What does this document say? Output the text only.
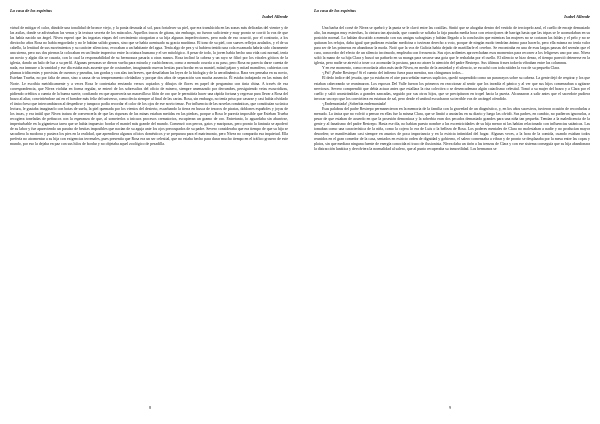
La casa de los espíritus
Isabel Allende

virtud de mitigar el calor, dándole una tonalidad de bronce viejo, y la ponía desnuda al sol, para fortalecer su piel, que era translúcida en las zonas más delicadas del vientre y de las axilas, donde se adivinaban las venas y la textura secreta de los músculos. Aquellos trucos de gitana, sin embargo, no fueron suficiente y muy pronto se corrió la voz de que las había nacido un ángel. Nívea esperó que las ingratas etapas del crecimiento otorgarían a su hija algunas imperfecciones, pero nada de eso ocurrió, por el contrario, a los dieciocho años Rosa no había engordado y no le habían salido granos, sino que se había acentuado su gracia marítima. El tono de su piel, con suaves reflejos azulados, y el de su cabello, la lentitud de sus movimientos y su carácter silencioso, evocaban a un habitante del agua. Tenía algo de pez y si hubiera tenido una cola escamada habría sido claramente una sirena, pero sus dos piernas la colocaban en un límite impreciso entre la criatura humana y el ser mitológico. A pesar de todo, la joven había hecho una vida casi normal, tenía un novio y algún día se casaría, con lo cual la responsabilidad de su hermosura pasaría a otras manos. Rosa inclinó la cabeza y un rayo se filtró por los vitrales góticos de la iglesia, dando un halo de luz a su perfil. Algunas personas se dieron vuelta para mirarla y cuchichearon, como a menudo ocurría a su paso, pero Rosa no parecía darse cuenta de nada, era inmune a la vanidad y ese día estaba más ausente que de costumbre, imaginando nuevas bestias para bordar en su mantel, mitad pájaro y mitad mamífero, cubiertas con plumas iridiscentes y provistas de cuernos y pezuñas, tan gordas y con alas tan breves, que desafiaban las leyes de la biología y de la aerodinámica. Rara vez pensaba en su novio, Esteban Trueba, no por falta de amor, sino a causa de su temperamento olvidadizo y porque dos años de separación son mucha ausencia. Él estaba trabajando en las minas del Norte. Le escribía metódicamente y a veces Rosa le contestaba enviando versos copiados y dibujos de flores en papel de pergamino con tinta china. A través de esa correspondencia, que Nívea violaba en forma regular, se enteró de los sobresaltos del oficio de minero, siempre amenazado por derrumbes, persiguiendo vetas escurridizas, pidiendo créditos a cuenta de la buena suerte, confiando en que aparecería un maravilloso filón de oro que le permitiría hacer una rápida fortuna y regresar para llevar a Rosa del brazo al altar, convirtiéndose así en el hombre más feliz del universo, como decía siempre al final de las cartas. Rosa, sin embargo, no tenía prisa por casarse y casi había olvidado el único beso que intercambiaron al despedirse y tampoco podía recordar el color de los ojos de ese novio tenaz. Por influencia de las novelas románticas, que constituían su única lectura, le gustaba imaginarlo con botas de suela, la piel quemada por los vientos del desierto, escarbando la tierra en busca de tesoros de piratas, doblones españoles y joyas de los incas, y era inútil que Nívea tratara de convencerla de que las riquezas de las minas estaban metidas en las piedras, porque a Rosa le parecía imposible que Esteban Trueba recogiera toneladas de peñascos con la esperanza de que, al someterlos a inicuos procesos crematorios, escupieran un gramo de oro. Entretanto, lo aguardaba sin aburrirse, imperturbable en la gigantesca tarea que se había impuesto: bordar el mantel más grande del mundo. Comenzó con perros, gatos y mariposas, pero pronto la fantasía se apoderó de su labor y fue apareciendo un paraíso de bestias imposibles que nacían de su aguja ante los ojos preocupados de su padre. Severo consideraba que era tiempo de que su hija se sacudiera la modorra y pusiera los pies en la realidad, que aprendiera algunos oficios domésticos y se preparara para el matrimonio, pero Nívea no compartía esa inquietud. Ella prefería no atormentar a su hija con exigencias terrenales, pues presentía que Rosa era un ser celestial, que no estaba hecho para durar mucho tiempo en el tráfico grosero de este mundo, por eso la dejaba en paz con sus hilos de bordar y no objetaba aquel zoológico de pesadilla.

8
La casa de los espíritus
Isabel Allende

Una barba del corsé de Nívea se quebró y la punta se le clavó entre las costillas. Sintió que se ahogaba dentro del vestido de terciopelo azul, el cuello de encaje demasiado alto, las mangas muy estrechas, la cintura tan ajustada, que cuando se soltaba la faja pasaba media hora con retorcijones de barriga hasta que las tripas se le acomodaban en su posición normal. Lo habían discutido a menudo con sus amigas sufragistas y habían llegado a la conclusión que mientras las mujeres no se cortaran las faldas y el pelo y no se quitaran los refajos, daba igual que pudieran estudiar medicina o tuvieran derecho a voto, porque de ningún modo tendrían ánimo para hacerlo, pero ella misma no tenía valor para ser de las primeras en abandonar la moda. Notó que la voz de Galicia había dejado de martillarle el cerebro. Se encontraba en una de esas largas pausas del sermón que el cura, conocedor del efecto de un silencio incómodo, empleaba con frecuencia. Sus ojos ardientes aprovechaban esos momentos para recorrer a los feligreses uno por uno. Nívea soltó la mano de su hija Clara y buscó un pañuelo en su manga para secarse una gota que le resbalaba por el cuello. El silencio se hizo denso, el tiempo pareció detenerse en la iglesia, pero nadie se atrevió a toser o a acomodar la postura, para no atraer la atención del padre Restrepo. Sus últimas frases todavía vibraban entre las columnas.

Y en ese momento, como recordaría años más tarde Nívea, en medio de la ansiedad y el silencio, se escuchó con toda nitidez la voz de su pequeña Clara.

-¡Pst! ¡Padre Restrepo! Si el cuento del infierno fuera pura mentira, nos chingamos todos...

El dedo índice del jesuita, que ya estaba en el aire para señalar nuevos suplicios, quedó suspendido como un pararrayos sobre su cabeza. La gente dejó de respirar y los que estaban cabeceando se reanimaron. Los esposos Del Valle fueron los primeros en reaccionar al sentir que los invadía el pánico y al ver que sus hijos comenzaban a agitarse nerviosos. Severo comprendió que debía actuar antes que estallara la risa colectiva o se desencadenara algún cataclismo celestial. Tomó a su mujer del brazo y a Clara por el cuello y salió arrastrándolas a grandes zancadas, seguido por sus otros hijos, que se precipitaron en tropel hacia la puerta. Alcanzaron a salir antes que el sacerdote pudiera invocar un rayo que los convirtiera en estatuas de sal, pero desde el umbral escucharon su terrible voz de arcángel ofendido.

-¡Endemoniada! ¡Soberbia endemoniada!

Esas palabras del padre Restrepo permanecieron en la memoria de la familia con la gravedad de un diagnóstico, y, en los años sucesivos, tuvieron ocasión de recordarlas a menudo. La única que no volvió a pensar en ellas fue la misma Clara, que se limitó a anotarlas en su diario y luego las olvidó. Sus padres, en cambio, no pudieron ignorarlas, a pesar de que estaban de acuerdo en que la posesión demoníaca y la soberbia eran dos pecados demasiado grandes para una niña tan pequeña. Temían a la maledicencia de la gente y al fanatismo del padre Restrepo. Hasta ese día, no habían puesto nombre a las excentricidades de su hija menor ni las habían relacionado con influencias satánicas. Las tomaban como una característica de la niña, como la cojera lo era de Luis o la belleza de Rosa. Los poderes mentales de Clara no molestaban a nadie y no producían mayor desorden; se manifestaban casi siempre en asuntos de poca importancia y en la estricta intimidad del hogar. Algunas veces, a la hora de la comida, cuando estaban todos reunidos en el gran comedor de la casa, sentados en estricto orden de dignidad y gobierno, el salero comenzaba a vibrar y de pronto se desplazaba por la mesa entre las copas y platos, sin que mediara ninguna fuente de energía conocida ni truco de ilusionista. Nívea daba un tirón a las trenzas de Clara y con ese sistema conseguía que su hija abandonara la distracción lunática y devolviera la normalidad al salero, que al punto recuperaba su inmovilidad. Los hermanos se

9
